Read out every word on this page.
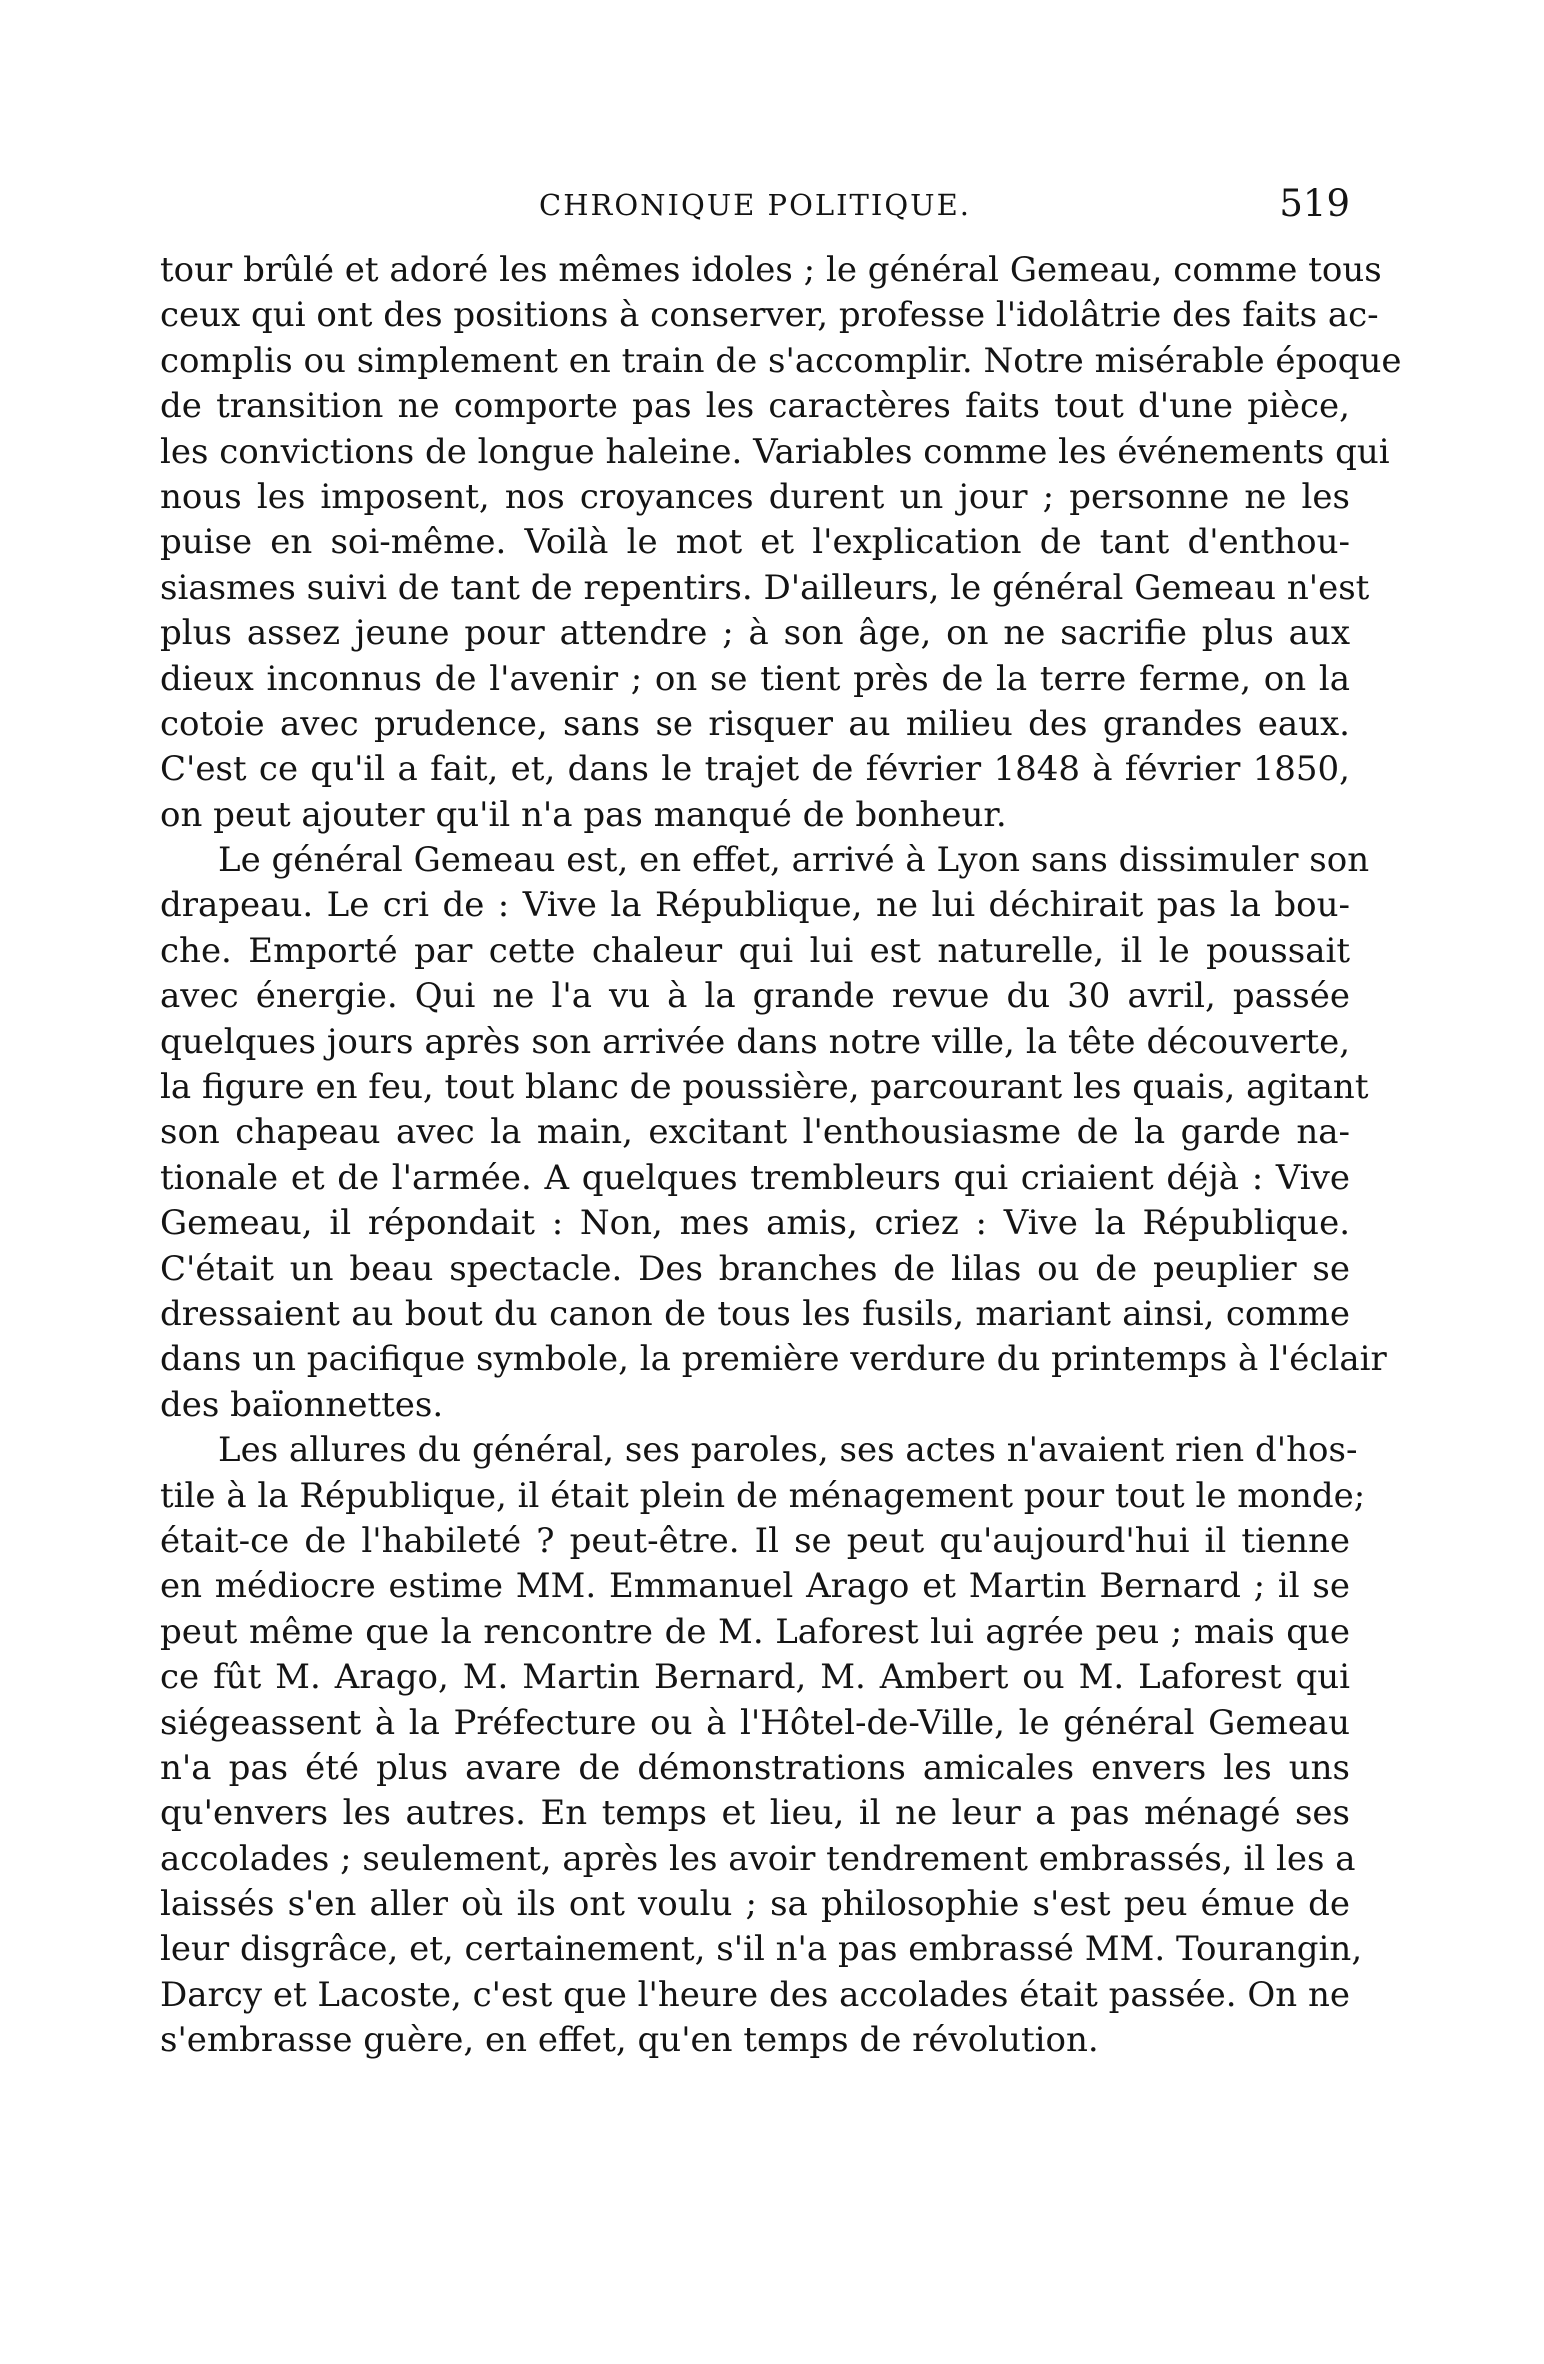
CHRONIQUE POLITIQUE.	519
tour brûlé et adoré les mêmes idoles ; le général Gemeau, comme tous
ceux qui ont des positions à conserver, professe l'idolâtrie des faits ac-
complis ou simplement en train de s'accomplir. Notre misérable époque
de transition ne comporte pas les caractères faits tout d'une pièce,
les convictions de longue haleine. Variables comme les événements qui
nous les imposent, nos croyances durent un jour ; personne ne les
puise en soi-même. Voilà le mot et l'explication de tant d'enthou-
siasmes suivi de tant de repentirs. D'ailleurs, le général Gemeau n'est
plus assez jeune pour attendre ; à son âge, on ne sacrifie plus aux
dieux inconnus de l'avenir ; on se tient près de la terre ferme, on la
cotoie avec prudence, sans se risquer au milieu des grandes eaux.
C'est ce qu'il a fait, et, dans le trajet de février 1848 à février 1850,
on peut ajouter qu'il n'a pas manqué de bonheur.
Le général Gemeau est, en effet, arrivé à Lyon sans dissimuler son
drapeau. Le cri de : Vive la République, ne lui déchirait pas la bou-
che. Emporté par cette chaleur qui lui est naturelle, il le poussait
avec énergie. Qui ne l'a vu à la grande revue du 30 avril, passée
quelques jours après son arrivée dans notre ville, la tête découverte,
la figure en feu, tout blanc de poussière, parcourant les quais, agitant
son chapeau avec la main, excitant l'enthousiasme de la garde na-
tionale et de l'armée. A quelques trembleurs qui criaient déjà : Vive
Gemeau, il répondait : Non, mes amis, criez : Vive la République.
C'était un beau spectacle. Des branches de lilas ou de peuplier se
dressaient au bout du canon de tous les fusils, mariant ainsi, comme
dans un pacifique symbole, la première verdure du printemps à l'éclair
des baïonnettes.
Les allures du général, ses paroles, ses actes n'avaient rien d'hos-
tile à la République, il était plein de ménagement pour tout le monde;
était-ce de l'habileté ? peut-être. Il se peut qu'aujourd'hui il tienne
en médiocre estime MM. Emmanuel Arago et Martin Bernard ; il se
peut même que la rencontre de M. Laforest lui agrée peu ; mais que
ce fût M. Arago, M. Martin Bernard, M. Ambert ou M. Laforest qui
siégeassent à la Préfecture ou à l'Hôtel-de-Ville, le général Gemeau
n'a pas été plus avare de démonstrations amicales envers les uns
qu'envers les autres. En temps et lieu, il ne leur a pas ménagé ses
accolades ; seulement, après les avoir tendrement embrassés, il les a
laissés s'en aller où ils ont voulu ; sa philosophie s'est peu émue de
leur disgrâce, et, certainement, s'il n'a pas embrassé MM. Tourangin,
Darcy et Lacoste, c'est que l'heure des accolades était passée. On ne
s'embrasse guère, en effet, qu'en temps de révolution.
